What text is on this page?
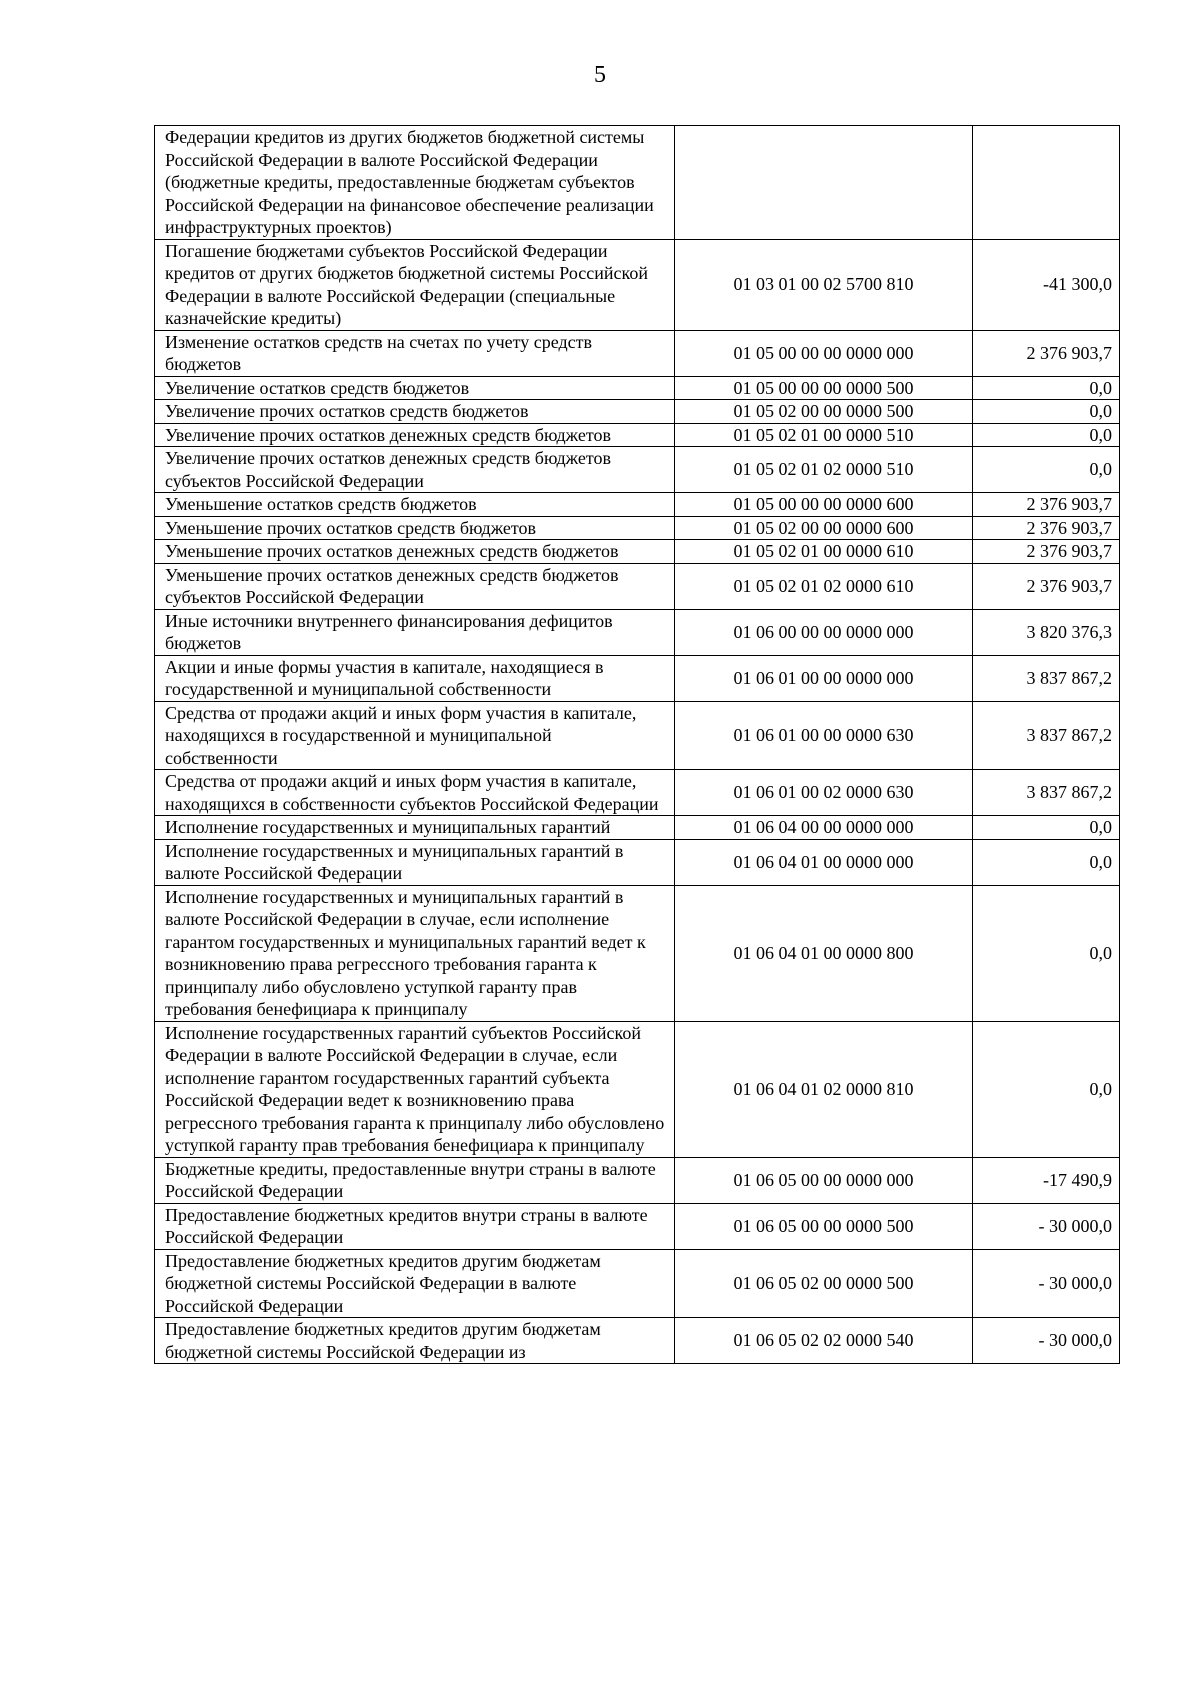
5
Федерации кредитов из других бюджетов бюджетной системы Российской Федерации в валюте Российской Федерации (бюджетные кредиты, предоставленные бюджетам субъектов Российской Федерации на финансовое обеспечение реализации инфраструктурных проектов)		
Погашение бюджетами субъектов Российской Федерации кредитов от других бюджетов бюджетной системы Российской Федерации в валюте Российской Федерации (специальные казначейские кредиты)	01 03 01 00 02 5700 810	-41 300,0
Изменение остатков средств на счетах по учету средств бюджетов	01 05 00 00 00 0000 000	2 376 903,7
Увеличение остатков средств бюджетов	01 05 00 00 00 0000 500	0,0
Увеличение прочих остатков средств бюджетов	01 05 02 00 00 0000 500	0,0
Увеличение прочих остатков денежных средств бюджетов	01 05 02 01 00 0000 510	0,0
Увеличение прочих остатков денежных средств бюджетов субъектов Российской Федерации	01 05 02 01 02 0000 510	0,0
Уменьшение остатков средств бюджетов	01 05 00 00 00 0000 600	2 376 903,7
Уменьшение прочих остатков средств бюджетов	01 05 02 00 00 0000 600	2 376 903,7
Уменьшение прочих остатков денежных средств бюджетов	01 05 02 01 00 0000 610	2 376 903,7
Уменьшение прочих остатков денежных средств бюджетов субъектов Российской Федерации	01 05 02 01 02 0000 610	2 376 903,7
Иные источники внутреннего финансирования дефицитов бюджетов	01 06 00 00 00 0000 000	3 820 376,3
Акции и иные формы участия в капитале, находящиеся в государственной и муниципальной собственности	01 06 01 00 00 0000 000	3 837 867,2
Средства от продажи акций и иных форм участия в капитале, находящихся в государственной и муниципальной собственности	01 06 01 00 00 0000 630	3 837 867,2
Средства от продажи акций и иных форм участия в капитале, находящихся в собственности субъектов Российской Федерации	01 06 01 00 02 0000 630	3 837 867,2
Исполнение государственных и муниципальных гарантий	01 06 04 00 00 0000 000	0,0
Исполнение государственных и муниципальных гарантий в валюте Российской Федерации	01 06 04 01 00 0000 000	0,0
Исполнение государственных и муниципальных гарантий в валюте Российской Федерации в случае, если исполнение гарантом государственных и муниципальных гарантий ведет к возникновению права регрессного требования гаранта к принципалу либо обусловлено уступкой гаранту прав требования бенефициара к принципалу	01 06 04 01 00 0000 800	0,0
Исполнение государственных гарантий субъектов Российской Федерации в валюте Российской Федерации в случае, если исполнение гарантом государственных гарантий субъекта Российской Федерации ведет к возникновению права регрессного требования гаранта к принципалу либо обусловлено уступкой гаранту прав требования бенефициара к принципалу	01 06 04 01 02 0000 810	0,0
Бюджетные кредиты, предоставленные внутри страны в валюте Российской Федерации	01 06 05 00 00 0000 000	-17 490,9
Предоставление бюджетных кредитов внутри страны в валюте Российской Федерации	01 06 05 00 00 0000 500	- 30 000,0
Предоставление бюджетных кредитов другим бюджетам бюджетной системы Российской Федерации в валюте Российской Федерации	01 06 05 02 00 0000 500	- 30 000,0
Предоставление бюджетных кредитов другим бюджетам бюджетной системы Российской Федерации из	01 06 05 02 02 0000 540	- 30 000,0
